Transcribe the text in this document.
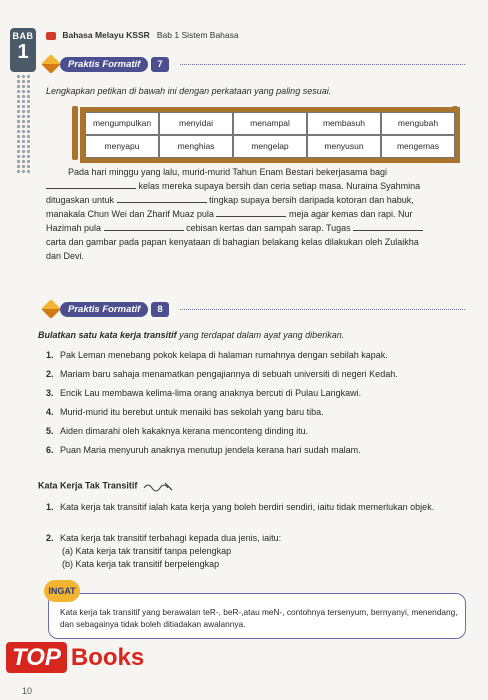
BAB
1
Bahasa Melayu KSSR Bab 1 Sistem Bahasa
Praktis Formatif	7
Lengkapkan petikan di bawah ini dengan perkataan yang paling sesuai.
mengumpulkan	menyidai	menampal	membasuh	mengubah
menyapu	menghias	mengelap	menyusun	mengemas
Pada hari minggu yang lalu, murid-murid Tahun Enam Bestari bekerjasama bagi
kelas mereka supaya bersih dan ceria setiap masa. Nuraina Syahmina
ditugaskan untuk	tingkap supaya bersih daripada kotoran dan habuk,
manakala Chun Wei dan Zharif Muaz pula	meja agar kemas dan rapi. Nur
Hazimah pula	cebisan kertas dan sampah sarap. Tugas
carta dan gambar pada papan kenyataan di bahagian belakang kelas dilakukan oleh Zulaikha
dan Devi.
Praktis Formatif	8
Bulatkan satu kata kerja transitif yang terdapat dalam ayat yang diberikan.
1. Pak Leman menebang pokok kelapa di halaman rumahnya dengan sebilah kapak.
2. Mariam baru sahaja menamatkan pengajiannya di sebuah universiti di negeri Kedah.
3. Encik Lau membawa kelima-lima orang anaknya bercuti di Pulau Langkawi.
4. Murid-murid itu berebut untuk menaiki bas sekolah yang baru tiba.
5. Aiden dimarahi oleh kakaknya kerana menconteng dinding itu.
6. Puan Maria menyuruh anaknya menutup jendela kerana hari sudah malam.
Kata Kerja Tak Transitif
1. Kata kerja tak transitif ialah kata kerja yang boleh berdiri sendiri, iaitu tidak memerlukan objek.
2. Kata kerja tak transitif terbahagi kepada dua jenis, iaitu:
(a) Kata kerja tak transitif tanpa pelengkap
(b) Kata kerja tak transitif berpelengkap
INGAT
Kata kerja tak transitif yang berawalan teR-, beR-,atau meN-, contohnya tersenyum, bernyanyi, menendang, dan sebagainya tidak boleh ditiadakan awalannya.
TOP Books
10
